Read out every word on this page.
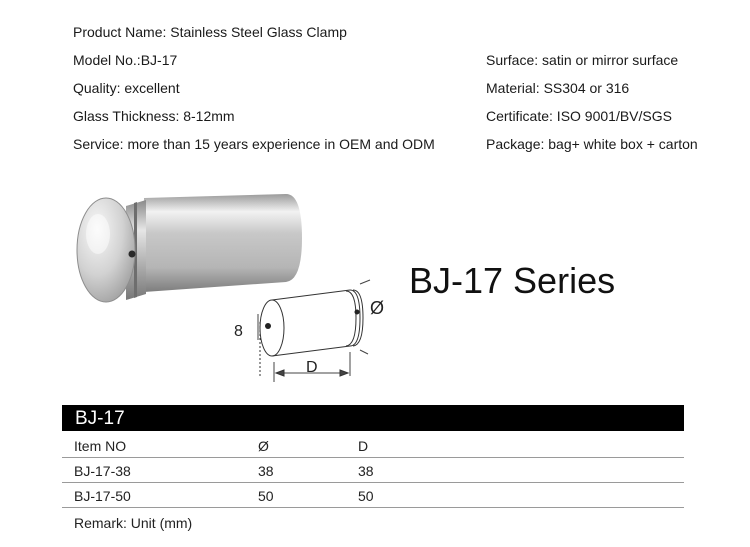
Product Name: Stainless Steel Glass Clamp
Model No.:BJ-17
Quality: excellent
Glass Thickness: 8-12mm
Service: more than 15 years experience in OEM and ODM
Surface: satin or mirror surface
Material: SS304 or 316
Certificate: ISO 9001/BV/SGS
Package: bag+ white box + carton
8
Ø
D
BJ-17 Series
BJ-17
Item NO	Ø	D
BJ-17-38	38	38
BJ-17-50	50	50
Remark: Unit (mm)
